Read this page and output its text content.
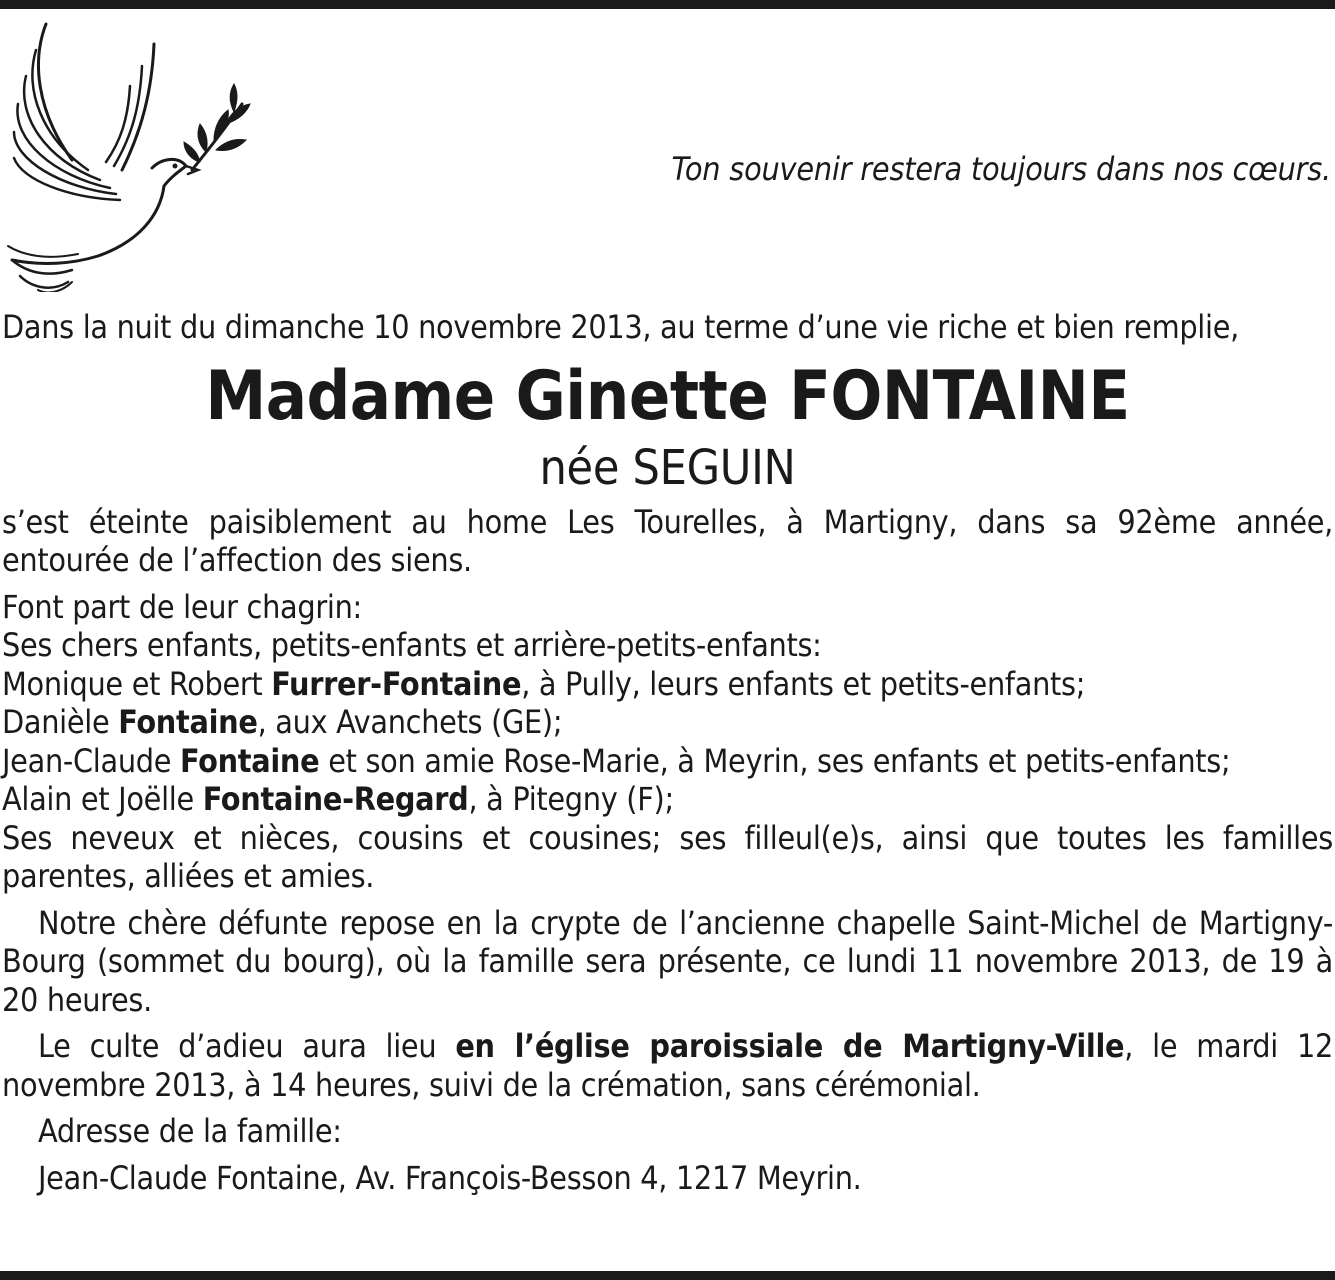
Ton souvenir restera toujours dans nos cœurs.

Dans la nuit du dimanche 10 novembre 2013, au terme d’une vie riche et bien remplie,

Madame Ginette FONTAINE

née SEGUIN

s’est éteinte paisiblement au home Les Tourelles, à Martigny, dans sa 92ème année, entourée de l’affection des siens.

Font part de leur chagrin:

Ses chers enfants, petits-enfants et arrière-petits-enfants:

Monique et Robert Furrer-Fontaine, à Pully, leurs enfants et petits-enfants;

Danièle Fontaine, aux Avanchets (GE);

Jean-Claude Fontaine et son amie Rose-Marie, à Meyrin, ses enfants et petits-enfants;

Alain et Joëlle Fontaine-Regard, à Pitegny (F);

Ses neveux et nièces, cousins et cousines; ses filleul(e)s, ainsi que toutes les familles parentes, alliées et amies.

Notre chère défunte repose en la crypte de l’ancienne chapelle Saint-Michel de Martigny-Bourg (sommet du bourg), où la famille sera présente, ce lundi 11 novembre 2013, de 19 à 20 heures.

Le culte d’adieu aura lieu en l’église paroissiale de Martigny-Ville, le mardi 12 novembre 2013, à 14 heures, suivi de la crémation, sans cérémonial.

Adresse de la famille:

Jean-Claude Fontaine, Av. François-Besson 4, 1217 Meyrin.
